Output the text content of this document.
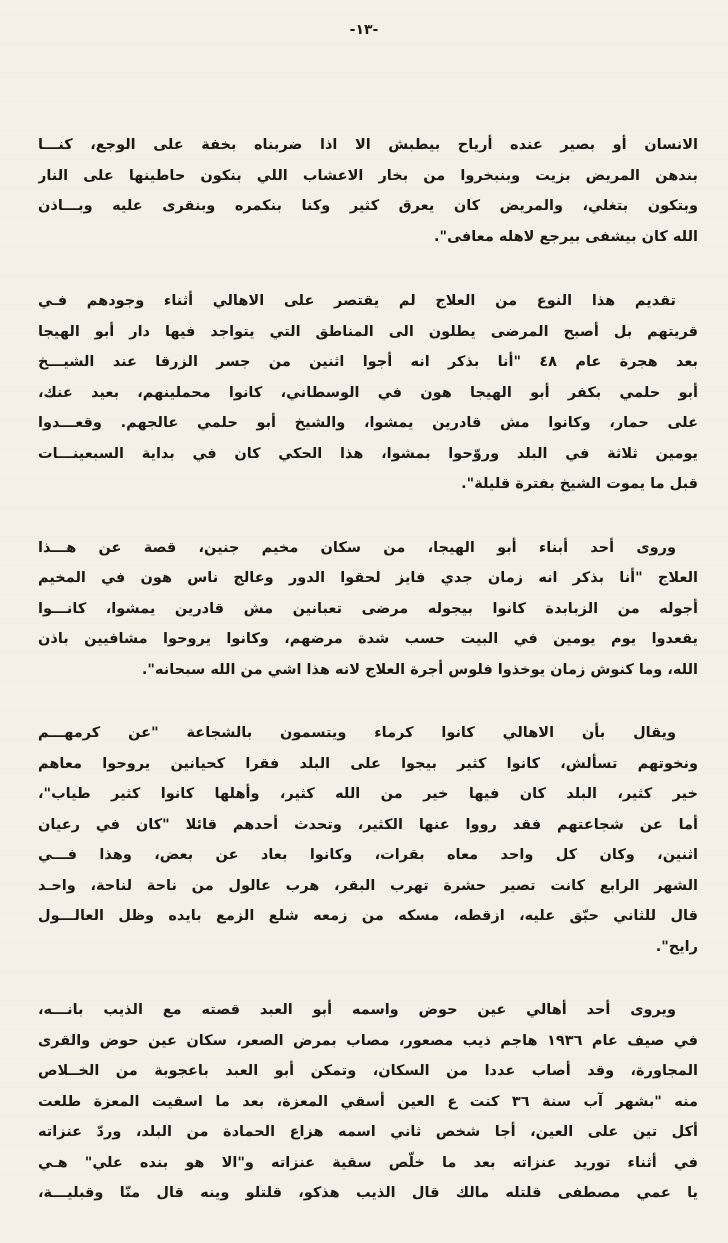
-١٣-
الانسان أو بصير عنده أرياح بيطبش الا اذا ضربناه بخفة على الوجع، كنـــا
بندهن المريض بزيت وبنبخروا من بخار الاعشاب اللي بنكون حاطينها على النار
وبتكون بتغلي، والمريض كان يعرق كثير وكنا بنكمره وبنقرى عليه وبـــاذن
الله كان بيشفى بيرجع لاهله معافى".
تقديم هذا النوع من العلاج لم يقتصر على الاهالي أثناء وجودهم فـي
قريتهم بل أصبح المرضى يطلون الى المناطق التي يتواجد فيها دار أبو الهيجا
بعد هجرة عام ٤٨ "أنا بذكر انه أجوا اثنين من جسر الزرقا عند الشيـــخ
أبو حلمي بكفر أبو الهيجا هون في الوسطاني، كانوا محملينهم، بعيد عنك،
على حمار، وكانوا مش قادرين يمشوا، والشيخ أبو حلمي عالجهم. وقعـــدوا
يومين ثلاثة في البلد وروّحوا بمشوا، هذا الحكي كان في بداية السبعينـــات
قبل ما يموت الشيخ بفترة قليلة".
وروى أحد أبناء أبو الهيجا، من سكان مخيم جنين، قصة عن هـــذا
العلاج "أنا بذكر انه زمان جدي فايز لحقوا الدور وعالج ناس هون في المخيم
أجوله من الزبابدة كانوا بيجوله مرضى تعبانين مش قادرين يمشوا، كانـــوا
يقعدوا يوم يومين في البيت حسب شدة مرضهم، وكانوا يروحوا مشافيين باذن
الله، وما كنوش زمان يوخذوا فلوس أجرة العلاج لانه هذا اشي من الله سبحانه".
ويقال بأن الاهالي كانوا كرماء ويتسمون بالشجاعة "عن كرمهـــم
ونخوتهم تسألش، كانوا كثير بيجوا على البلد فقرا كحيانين يروحوا معاهم
خير كثير، البلد كان فيها خير من الله كثير، وأهلها كانوا كثير طياب"،
أما عن شجاعتهم فقد رووا عنها الكثير، وتحدث أحدهم قائلا "كان في رعيان
اثنين، وكان كل واحد معاه بقرات، وكانوا بعاد عن بعض، وهذا فـــي
الشهر الرابع كانت تصير حشرة تهرب البقر، هرب عالول من ناحة لناحة، واحـد
قال للثاني حبّق عليه، ازقطه، مسكه من زمعه شلع الزمع بايده وظل العالـــول
رايح".
ويروى أحد أهالي عين حوض واسمه أبو العبد قصته مع الذيب بانـــه،
في صيف عام ١٩٣٦ هاجم ذيب مصعور، مصاب بمرض الصعر، سكان عين حوض والقرى
المجاورة، وقد أصاب عددا من السكان، وتمكن أبو العبد باعجوبة من الخــلاص
منه "بشهر آب سنة ٣٦ كنت ع العين أسقي المعزة، بعد ما اسقيت المعزة طلعت
أكل تين على العين، أجا شخص ثاني اسمه هزاع الحمادة من البلد، وردّ عنزاته
في أثناء توريد عنزاته بعد ما خلّص سقية عنزاته و"الا هو بنده علي" هـي
يا عمي مصطفى قلتله مالك قال الذيب هذكو، قلتلو وينه قال منّا وقبليـــة،
